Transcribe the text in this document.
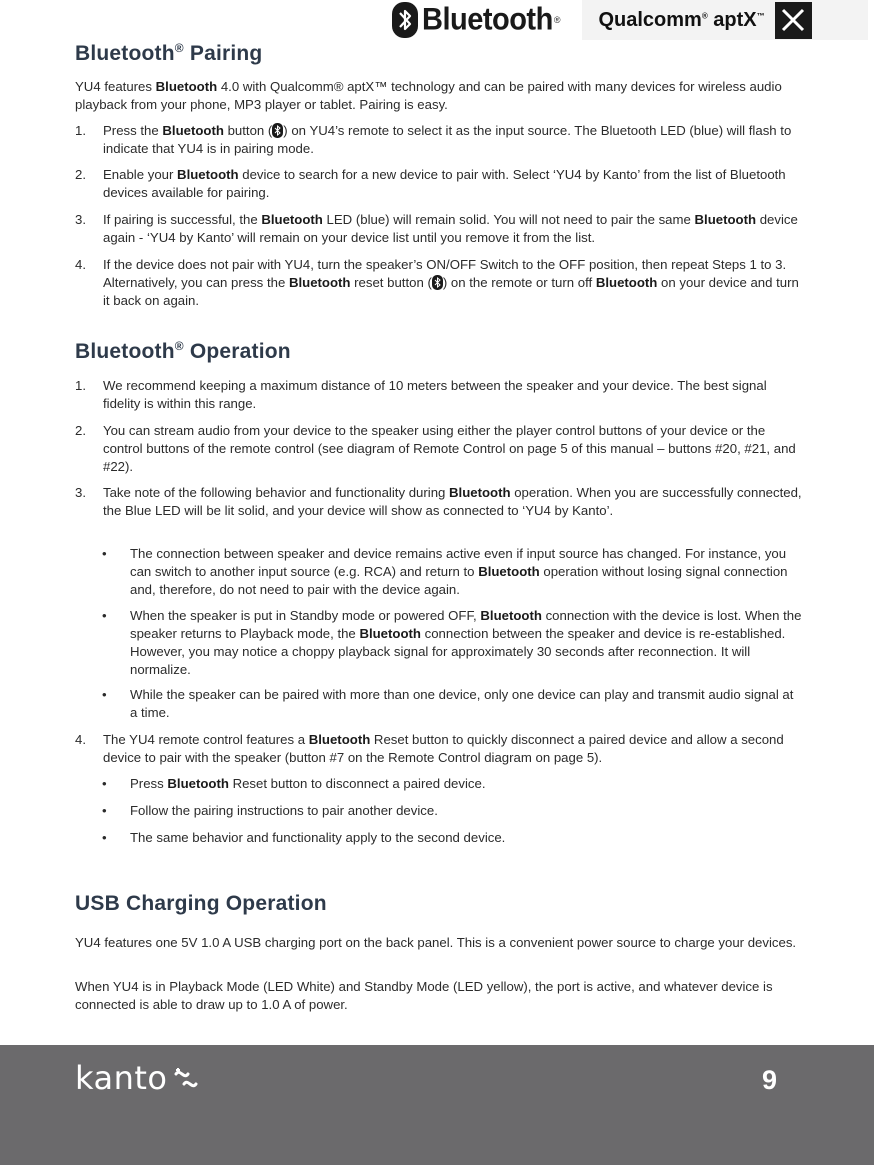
Bluetooth ® Qualcomm® aptX™
Bluetooth® Pairing

YU4 features Bluetooth 4.0 with Qualcomm® aptX™ technology and can be paired with many devices for wireless audio playback from your phone, MP3 player or tablet. Pairing is easy.

1.	Press the Bluetooth button ( ) on YU4’s remote to select it as the input source. The Bluetooth LED (blue) will flash to indicate that YU4 is in pairing mode.
2.	Enable your Bluetooth device to search for a new device to pair with. Select ‘YU4 by Kanto’ from the list of Bluetooth devices available for pairing.
3.	If pairing is successful, the Bluetooth LED (blue) will remain solid. You will not need to pair the same Bluetooth device again - ‘YU4 by Kanto’ will remain on your device list until you remove it from the list.
4.	If the device does not pair with YU4, turn the speaker’s ON/OFF Switch to the OFF position, then repeat Steps 1 to 3. Alternatively, you can press the Bluetooth reset button ( ) on the remote or turn off Bluetooth on your device and turn it back on again.
Bluetooth® Operation
1.	We recommend keeping a maximum distance of 10 meters between the speaker and your device. The best signal fidelity is within this range.
2.	You can stream audio from your device to the speaker using either the player control buttons of your device or the control buttons of the remote control (see diagram of Remote Control on page 5 of this manual – buttons #20, #21, and #22).
3.	Take note of the following behavior and functionality during Bluetooth operation. When you are successfully connected, the Blue LED will be lit solid, and your device will show as connected to ‘YU4 by Kanto’.
• The connection between speaker and device remains active even if input source has changed. For instance, you can switch to another input source (e.g. RCA) and return to Bluetooth operation without losing signal connection and, therefore, do not need to pair with the device again.
• When the speaker is put in Standby mode or powered OFF, Bluetooth connection with the device is lost. When the speaker returns to Playback mode, the Bluetooth connection between the speaker and device is re-established. However, you may notice a choppy playback signal for approximately 30 seconds after reconnection. It will normalize.
• While the speaker can be paired with more than one device, only one device can play and transmit audio signal at a time.
4.	The YU4 remote control features a Bluetooth Reset button to quickly disconnect a paired device and allow a second device to pair with the speaker (button #7 on the Remote Control diagram on page 5).
• Press Bluetooth Reset button to disconnect a paired device.
• Follow the pairing instructions to pair another device.
• The same behavior and functionality apply to the second device.
USB Charging Operation

YU4 features one 5V 1.0 A USB charging port on the back panel. This is a convenient power source to charge your devices.

When YU4 is in Playback Mode (LED White) and Standby Mode (LED yellow), the port is active, and whatever device is connected is able to draw up to 1.0 A of power.

kanto	9
